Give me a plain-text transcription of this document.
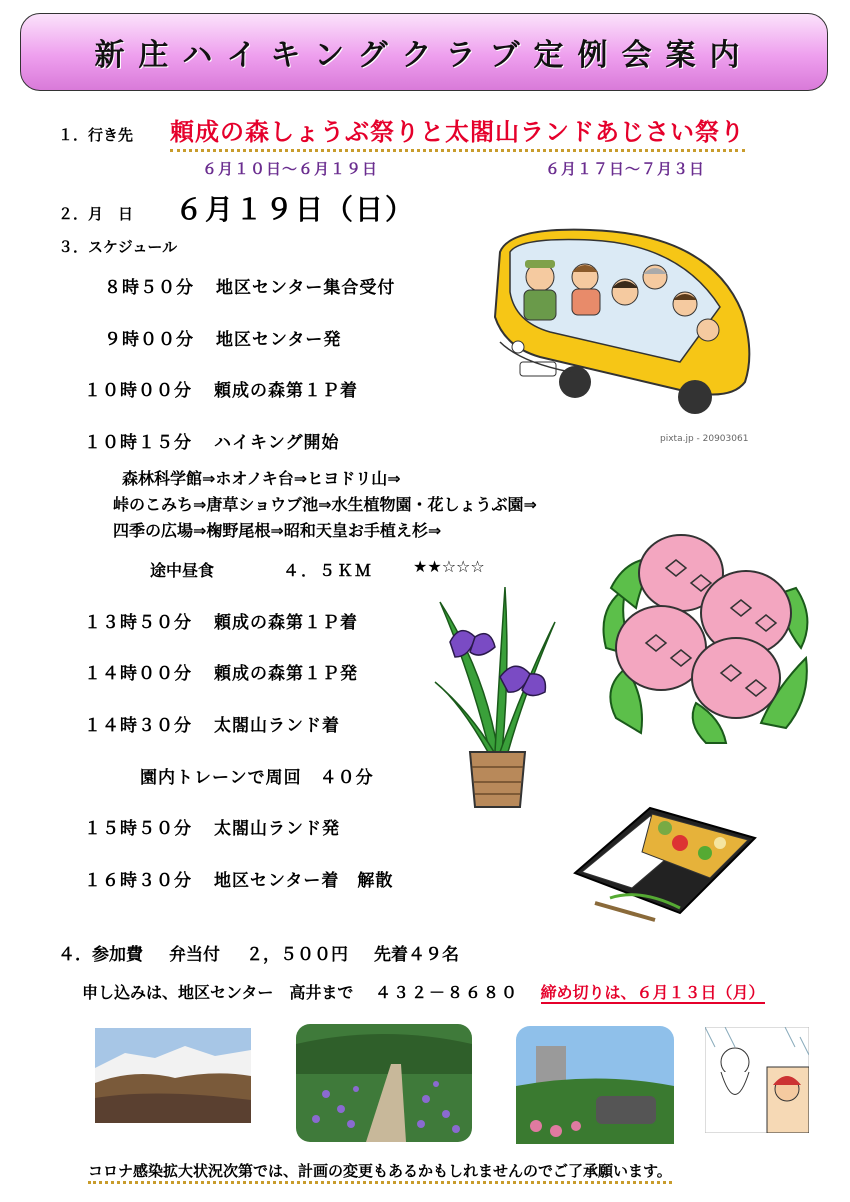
新庄ハイキングクラブ定例会案内
１．行き先 頼成の森しょうぶ祭りと太閤山ランドあじさい祭り
６月１０日～６月１９日	６月１７日～７月３日
２．月　日 ６月１９日（日）
３．スケジュール
８時５０分 地区センター集合受付
９時００分 地区センター発
１０時００分 頼成の森第１Ｐ着
１０時１５分 ハイキング開始
森林科学館⇒ホオノキ台⇒ヒヨドリ山⇒
峠のこみち⇒唐草ショウブ池⇒水生植物園・花しょうぶ園⇒
四季の広場⇒椈野尾根⇒昭和天皇お手植え杉⇒
途中昼食	４．５ＫＭ ★★☆☆☆
１３時５０分 頼成の森第１Ｐ着
１４時００分 頼成の森第１Ｐ発
１４時３０分 太閤山ランド着
園内トレーンで周回　４０分
１５時５０分 太閤山ランド発
１６時３０分 地区センター着　解散
４．参加費 弁当付 ２，５００円 先着４９名
申し込みは、地区センター　高井まで ４３２－８６８０ 締め切りは、６月１３日（月）
pixta.jp - 20903061
コロナ感染拡大状況次第では、計画の変更もあるかもしれませんのでご了承願います。
